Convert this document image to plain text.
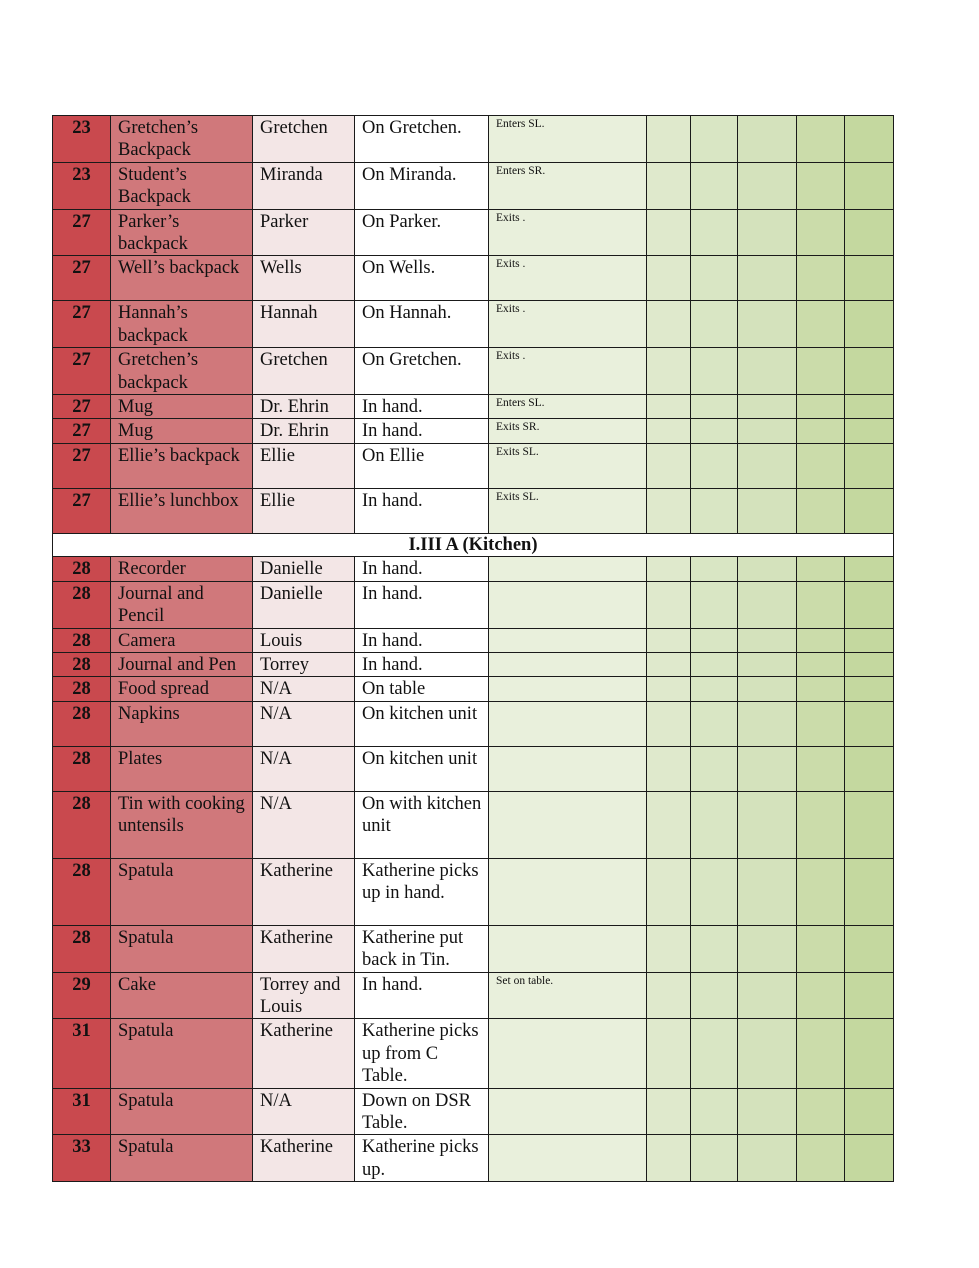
23	Gretchen’s Backpack	Gretchen	On Gretchen.	Enters SL.					
23	Student’s Backpack	Miranda	On Miranda.	Enters SR.					
27	Parker’s backpack	Parker	On Parker.	Exits .					
27	Well’s backpack	Wells	On Wells.	Exits .					
27	Hannah’s backpack	Hannah	On Hannah.	Exits .					
27	Gretchen’s backpack	Gretchen	On Gretchen.	Exits .					
27	Mug	Dr. Ehrin	In hand.	Enters SL.					
27	Mug	Dr. Ehrin	In hand.	Exits SR.					
27	Ellie’s backpack	Ellie	On Ellie	Exits SL.					
27	Ellie’s lunchbox	Ellie	In hand.	Exits SL.					
I.III A (Kitchen)									
28	Recorder	Danielle	In hand.						
28	Journal and Pencil	Danielle	In hand.						
28	Camera	Louis	In hand.						
28	Journal and Pen	Torrey	In hand.						
28	Food spread	N/A	On table						
28	Napkins	N/A	On kitchen unit						
28	Plates	N/A	On kitchen unit						
28	Tin with cooking untensils	N/A	On with kitchen unit						
28	Spatula	Katherine	Katherine picks up in hand.						
28	Spatula	Katherine	Katherine put back in Tin.						
29	Cake	Torrey and Louis	In hand.	Set on table.					
31	Spatula	Katherine	Katherine picks up from C Table.						
31	Spatula	N/A	Down on DSR Table.						
33	Spatula	Katherine	Katherine picks up.						
